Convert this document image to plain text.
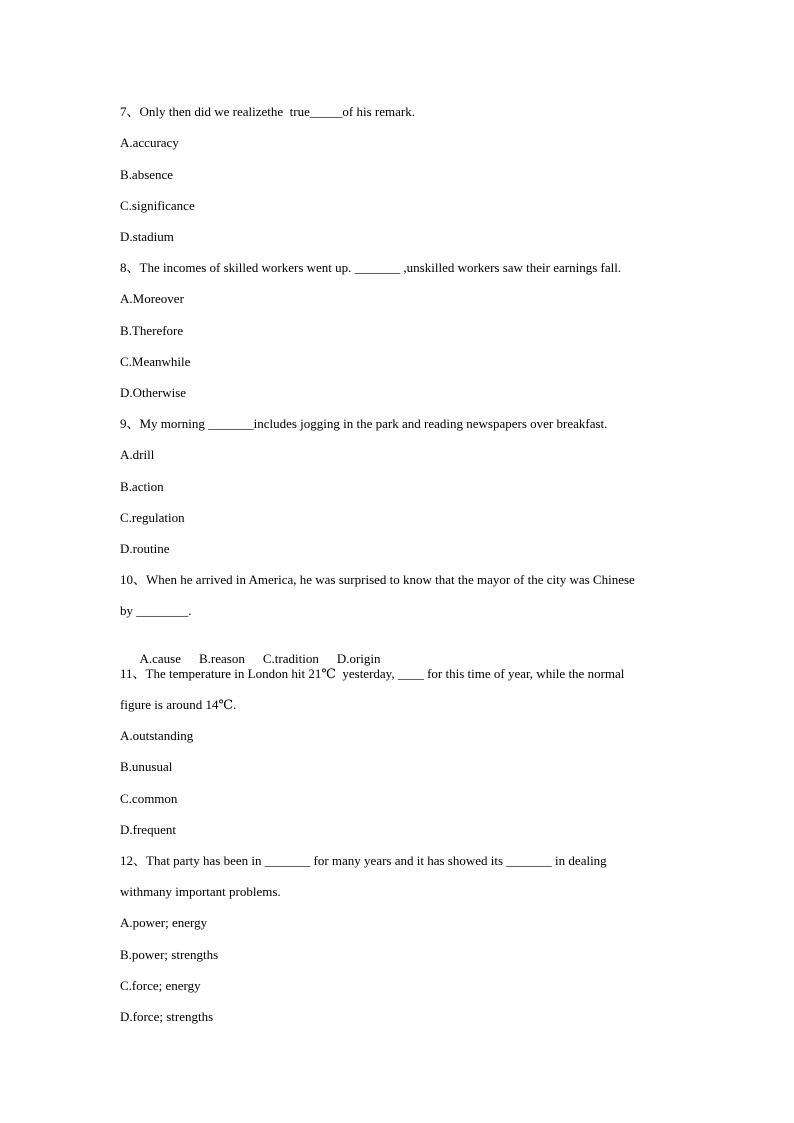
7、Only then did we realizethe  true_____of his remark.
A.accuracy
B.absence
C.significance
D.stadium
8、The incomes of skilled workers went up. _______ ,unskilled workers saw their earnings fall.
A.Moreover
B.Therefore
C.Meanwhile
D.Otherwise
9、My morning _______includes jogging in the park and reading newspapers over breakfast.
A.drill
B.action
C.regulation
D.routine
10、When he arrived in America, he was surprised to know that the mayor of the city was Chinese
by ________.

A.cause B.reason C.tradition D.origin

11、The temperature in London hit 21℃  yesterday, ____ for this time of year, while the normal
figure is around 14℃.
A.outstanding
B.unusual
C.common
D.frequent
12、That party has been in _______ for many years and it has showed its _______ in dealing
withmany important problems.
A.power; energy
B.power; strengths
C.force; energy
D.force; strengths
